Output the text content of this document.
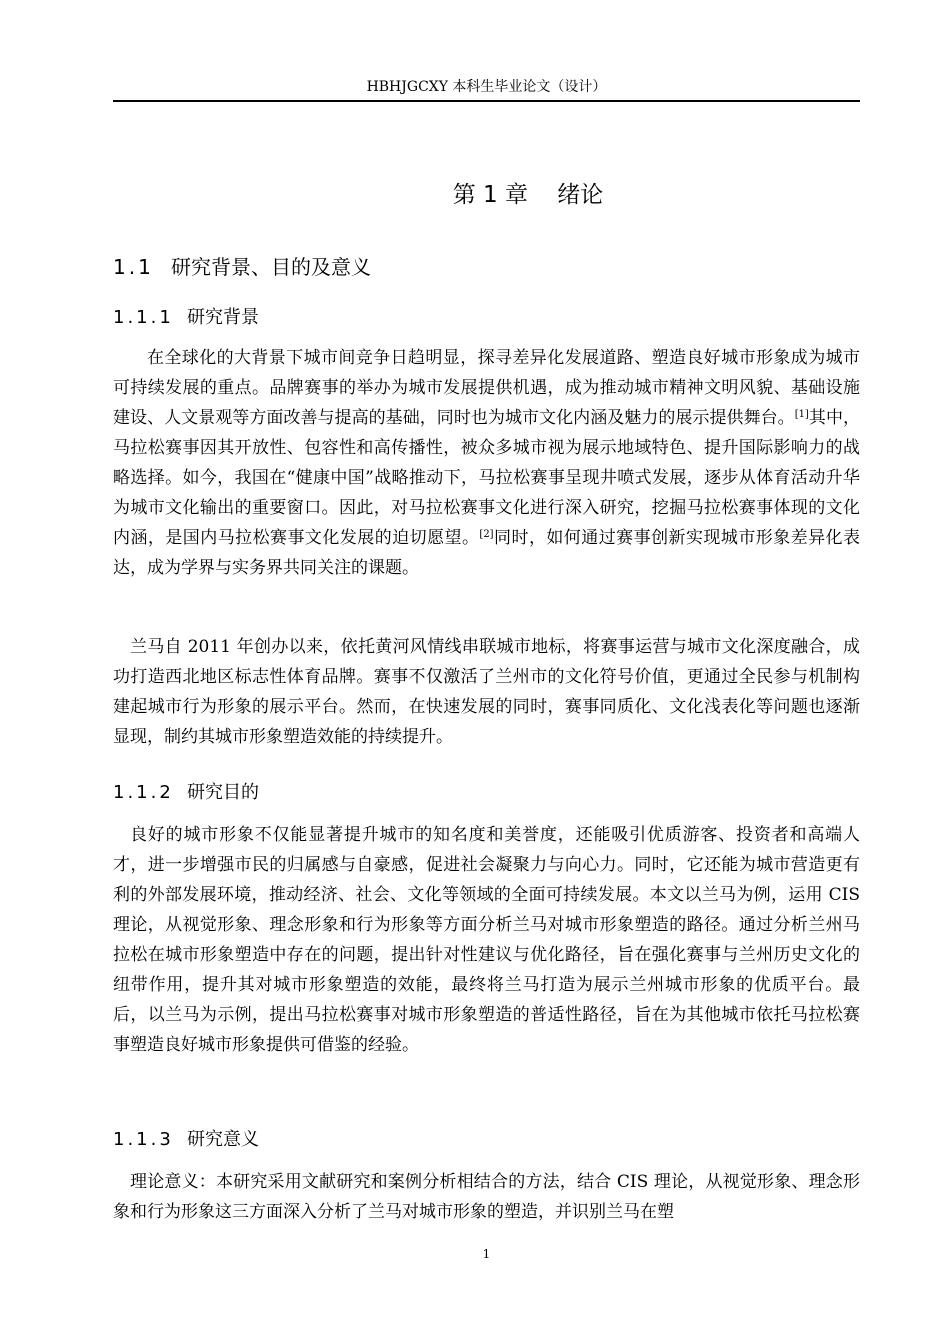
HBHJGCXY 本科生毕业论文（设计）
第 1 章    绪论
1.1 研究背景、目的及意义
1.1.1 研究背景
在全球化的大背景下城市间竞争日趋明显，探寻差异化发展道路、塑造良好城市形象成为城市可持续发展的重点。品牌赛事的举办为城市发展提供机遇，成为推动城市精神文明风貌、基础设施建设、人文景观等方面改善与提高的基础，同时也为城市文化内涵及魅力的展示提供舞台。[1]其中，马拉松赛事因其开放性、包容性和高传播性，被众多城市视为展示地域特色、提升国际影响力的战略选择。如今，我国在“健康中国”战略推动下，马拉松赛事呈现井喷式发展，逐步从体育活动升华为城市文化输出的重要窗口。因此，对马拉松赛事文化进行深入研究，挖掘马拉松赛事体现的文化内涵，是国内马拉松赛事文化发展的迫切愿望。[2]同时，如何通过赛事创新实现城市形象差异化表达，成为学界与实务界共同关注的课题。
兰马自 2011 年创办以来，依托黄河风情线串联城市地标，将赛事运营与城市文化深度融合，成功打造西北地区标志性体育品牌。赛事不仅激活了兰州市的文化符号价值，更通过全民参与机制构建起城市行为形象的展示平台。然而，在快速发展的同时，赛事同质化、文化浅表化等问题也逐渐显现，制约其城市形象塑造效能的持续提升。
1.1.2 研究目的
良好的城市形象不仅能显著提升城市的知名度和美誉度，还能吸引优质游客、投资者和高端人才，进一步增强市民的归属感与自豪感，促进社会凝聚力与向心力。同时，它还能为城市营造更有利的外部发展环境，推动经济、社会、文化等领域的全面可持续发展。本文以兰马为例，运用 CIS 理论，从视觉形象、理念形象和行为形象等方面分析兰马对城市形象塑造的路径。通过分析兰州马拉松在城市形象塑造中存在的问题，提出针对性建议与优化路径，旨在强化赛事与兰州历史文化的纽带作用，提升其对城市形象塑造的效能，最终将兰马打造为展示兰州城市形象的优质平台。最后，以兰马为示例，提出马拉松赛事对城市形象塑造的普适性路径，旨在为其他城市依托马拉松赛事塑造良好城市形象提供可借鉴的经验。
1.1.3 研究意义
理论意义：本研究采用文献研究和案例分析相结合的方法，结合 CIS 理论，从视觉形象、理念形象和行为形象这三方面深入分析了兰马对城市形象的塑造，并识别兰马在塑
1
